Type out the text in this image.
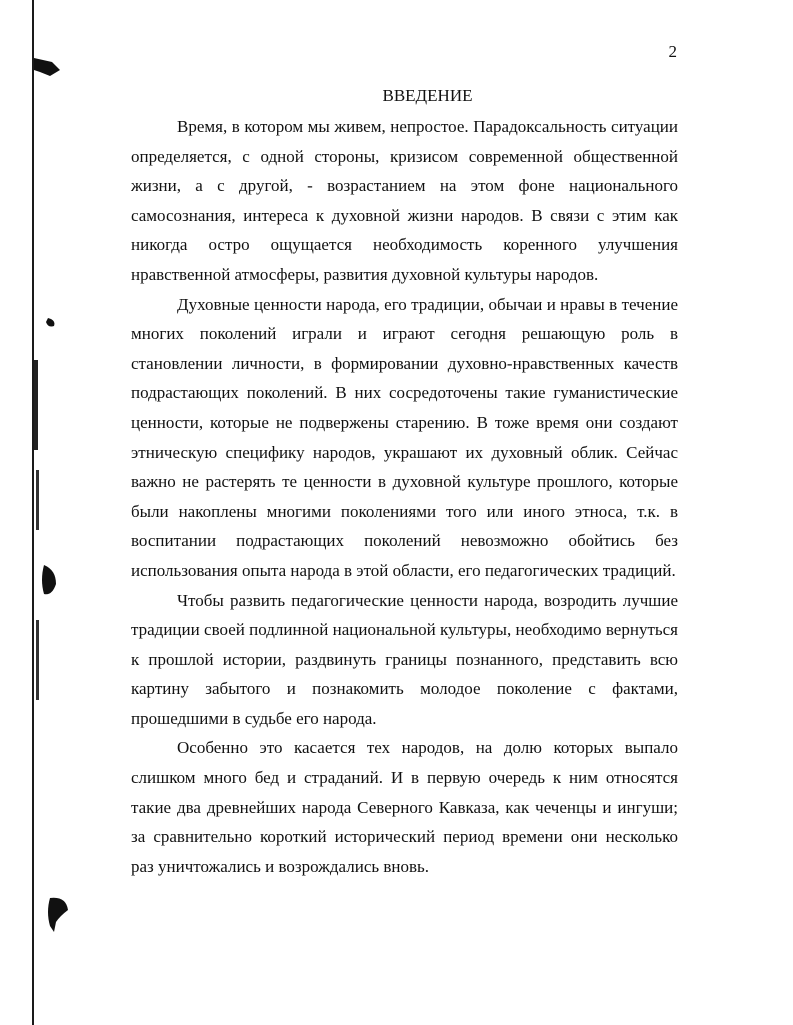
2
ВВЕДЕНИЕ

Время, в котором мы живем, непростое. Парадоксальность ситуации определяется, с одной стороны, кризисом современной общественной жизни, а с другой, - возрастанием на этом фоне национального самосознания, интереса к духовной жизни народов. В связи с этим как никогда остро ощущается необходимость коренного улучшения нравственной атмосферы, развития духовной культуры народов.

Духовные ценности народа, его традиции, обычаи и нравы в течение многих поколений играли и играют сегодня решающую роль в становлении личности, в формировании духовно-нравственных качеств подрастающих поколений. В них сосредоточены такие гуманистические ценности, которые не подвержены старению. В тоже время они создают этническую специфику народов, украшают их духовный облик. Сейчас важно не растерять те ценности в духовной культуре прошлого, которые были накоплены многими поколениями того или иного этноса, т.к. в воспитании подрастающих поколений невозможно обойтись без использования опыта народа в этой области, его педагогических традиций.

Чтобы развить педагогические ценности народа, возродить лучшие традиции своей подлинной национальной культуры, необходимо вернуться к прошлой истории, раздвинуть границы познанного, представить всю картину забытого и познакомить молодое поколение с фактами, прошедшими в судьбе его народа.

Особенно это касается тех народов, на долю которых выпало слишком много бед и страданий. И в первую очередь к ним относятся такие два древнейших народа Северного Кавказа, как чеченцы и ингуши; за сравнительно короткий исторический период времени они несколько раз уничтожались и возрождались вновь.
